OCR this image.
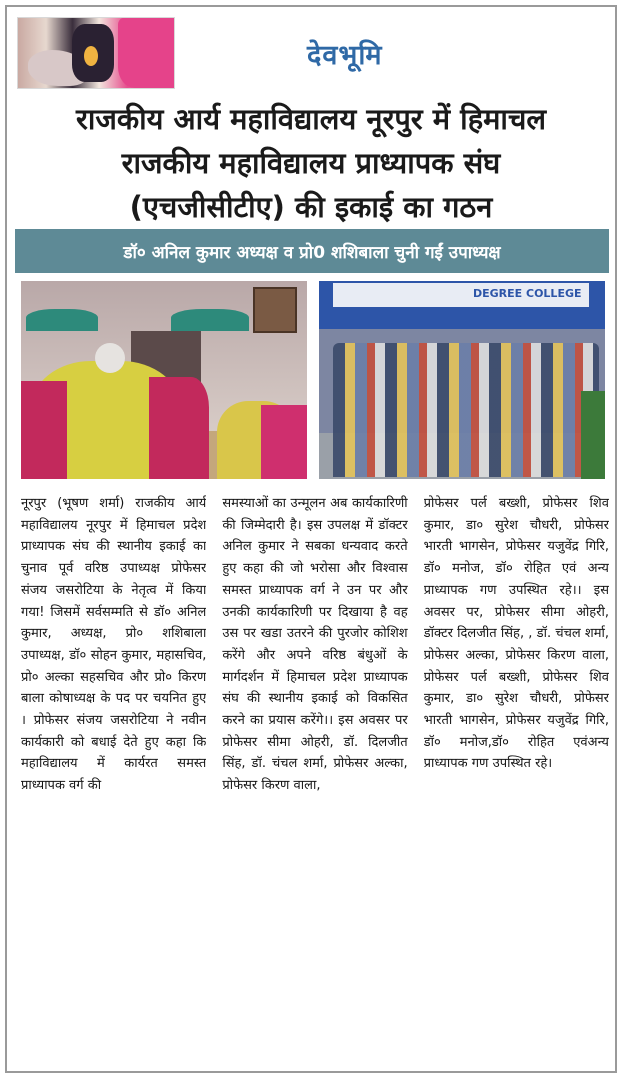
देवभूमि
राजकीय आर्य महाविद्यालय नूरपुर में हिमाचल
राजकीय महाविद्यालय प्राध्यापक संघ
(एचजीसीटीए) की इकाई का गठन
डॉ० अनिल कुमार अध्यक्ष व प्रो0 शशिबाला चुनी गईं उपाध्यक्ष
DEGREE COLLEGE
नूरपुर (भूषण शर्मा) राजकीय आर्य महाविद्यालय नूरपुर में हिमाचल प्रदेश प्राध्यापक संघ की स्थानीय इकाई का चुनाव पूर्व वरिष्ठ उपाध्यक्ष प्रोफेसर संजय जसरोटिया के नेतृत्व में किया गया! जिसमें सर्वसम्मति से डॉ० अनिल कुमार, अध्यक्ष, प्रो० शशिबाला उपाध्यक्ष, डॉ० सोहन कुमार, महासचिव, प्रो० अल्का सहसचिव और प्रो० किरण बाला कोषाध्यक्ष के पद पर चयनित हुए । प्रोफेसर संजय जसरोटिया ने नवीन कार्यकारी को बधाई देते हुए कहा कि महाविद्यालय में कार्यरत समस्त प्राध्यापक वर्ग की
समस्याओं का उन्मूलन अब कार्यकारिणी की जिम्मेदारी है। इस उपलक्ष में डॉक्टर अनिल कुमार ने सबका धन्यवाद करते हुए कहा की जो भरोसा और विश्वास समस्त प्राध्यापक वर्ग ने उन पर और उनकी कार्यकारिणी पर दिखाया है वह उस पर खडा उतरने की पुरजोर कोशिश करेंगे और अपने वरिष्ठ बंधुओं के मार्गदर्शन में हिमाचल प्रदेश प्राध्यापक संघ की स्थानीय इकाई को विकसित करने का प्रयास करेंगे।। इस अवसर पर प्रोफेसर सीमा ओहरी, डॉ. दिलजीत सिंह, डॉ. चंचल शर्मा, प्रोफेसर अल्का, प्रोफेसर किरण वाला,
प्रोफेसर पर्ल बख्शी, प्रोफेसर शिव कुमार, डा० सुरेश चौधरी, प्रोफेसर भारती भागसेन, प्रोफेसर यजुवेंद्र गिरि, डॉ० मनोज, डॉ० रोहित एवं अन्य प्राध्यापक गण उपस्थित रहे।। इस अवसर पर, प्रोफेसर सीमा ओहरी, डॉक्टर दिलजीत सिंह, , डॉ. चंचल शर्मा, प्रोफेसर अल्का, प्रोफेसर किरण वाला, प्रोफेसर पर्ल बख्शी, प्रोफेसर शिव कुमार, डा० सुरेश चौधरी, प्रोफेसर भारती भागसेन, प्रोफेसर यजुवेंद्र गिरि, डॉ० मनोज,डॉ० रोहित एवंअन्य प्राध्यापक गण उपस्थित रहे।
